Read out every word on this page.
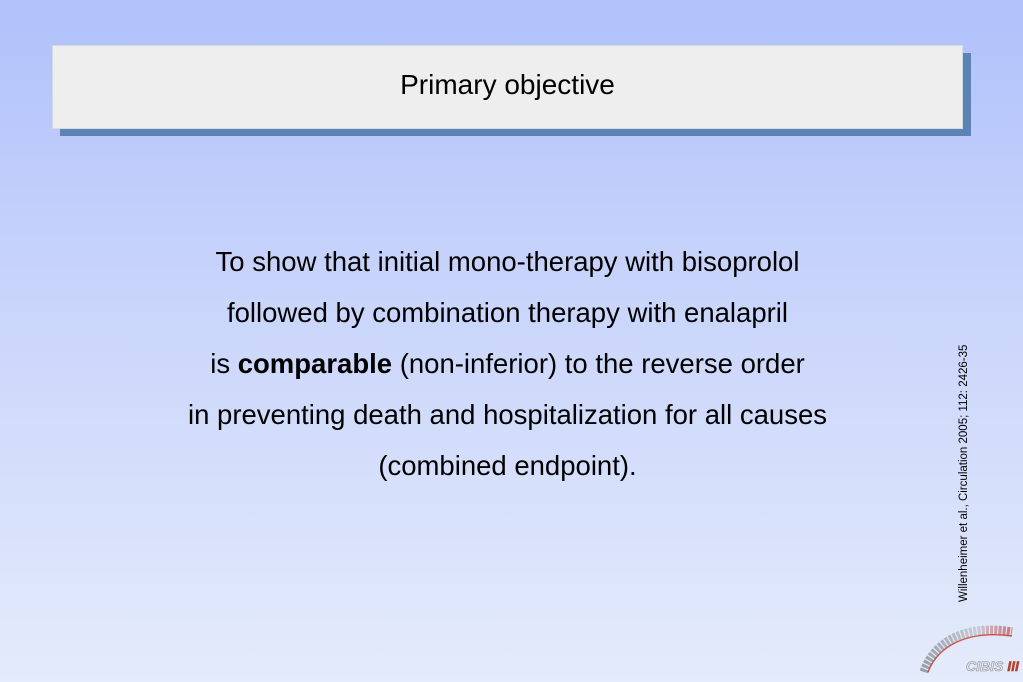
Primary objective
To show that initial mono-therapy with bisoprolol
followed by combination therapy with enalapril
is comparable (non-inferior) to the reverse order
in preventing death and hospitalization for all causes
(combined endpoint).	Willenheimer et al., Circulation 2005; 112: 2426-35
CIBIS III
